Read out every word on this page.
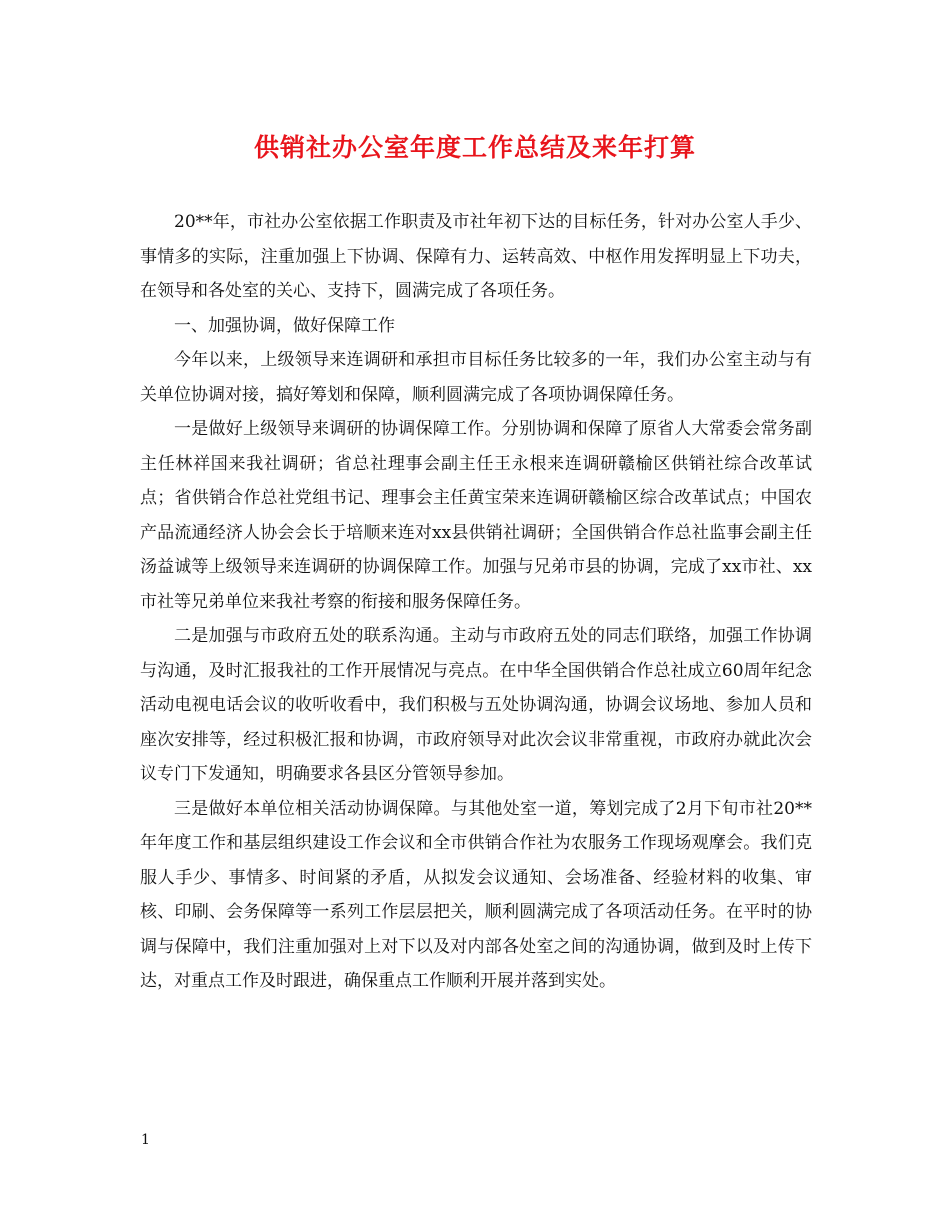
供销社办公室年度工作总结及来年打算

20**年，市社办公室依据工作职责及市社年初下达的目标任务，针对办公室人手少、事情多的实际，注重加强上下协调、保障有力、运转高效、中枢作用发挥明显上下功夫，在领导和各处室的关心、支持下，圆满完成了各项任务。

一、加强协调，做好保障工作

今年以来，上级领导来连调研和承担市目标任务比较多的一年，我们办公室主动与有关单位协调对接，搞好筹划和保障，顺利圆满完成了各项协调保障任务。

一是做好上级领导来调研的协调保障工作。分别协调和保障了原省人大常委会常务副主任林祥国来我社调研；省总社理事会副主任王永根来连调研赣榆区供销社综合改革试点；省供销合作总社党组书记、理事会主任黄宝荣来连调研赣榆区综合改革试点；中国农产品流通经济人协会会长于培顺来连对xx县供销社调研；全国供销合作总社监事会副主任汤益诚等上级领导来连调研的协调保障工作。加强与兄弟市县的协调，完成了xx市社、xx市社等兄弟单位来我社考察的衔接和服务保障任务。

二是加强与市政府五处的联系沟通。主动与市政府五处的同志们联络，加强工作协调与沟通，及时汇报我社的工作开展情况与亮点。在中华全国供销合作总社成立60周年纪念活动电视电话会议的收听收看中，我们积极与五处协调沟通，协调会议场地、参加人员和座次安排等，经过积极汇报和协调，市政府领导对此次会议非常重视，市政府办就此次会议专门下发通知，明确要求各县区分管领导参加。

三是做好本单位相关活动协调保障。与其他处室一道，筹划完成了2月下旬市社20**年年度工作和基层组织建设工作会议和全市供销合作社为农服务工作现场观摩会。我们克服人手少、事情多、时间紧的矛盾，从拟发会议通知、会场准备、经验材料的收集、审核、印刷、会务保障等一系列工作层层把关，顺利圆满完成了各项活动任务。在平时的协调与保障中，我们注重加强对上对下以及对内部各处室之间的沟通协调，做到及时上传下达，对重点工作及时跟进，确保重点工作顺利开展并落到实处。

1
